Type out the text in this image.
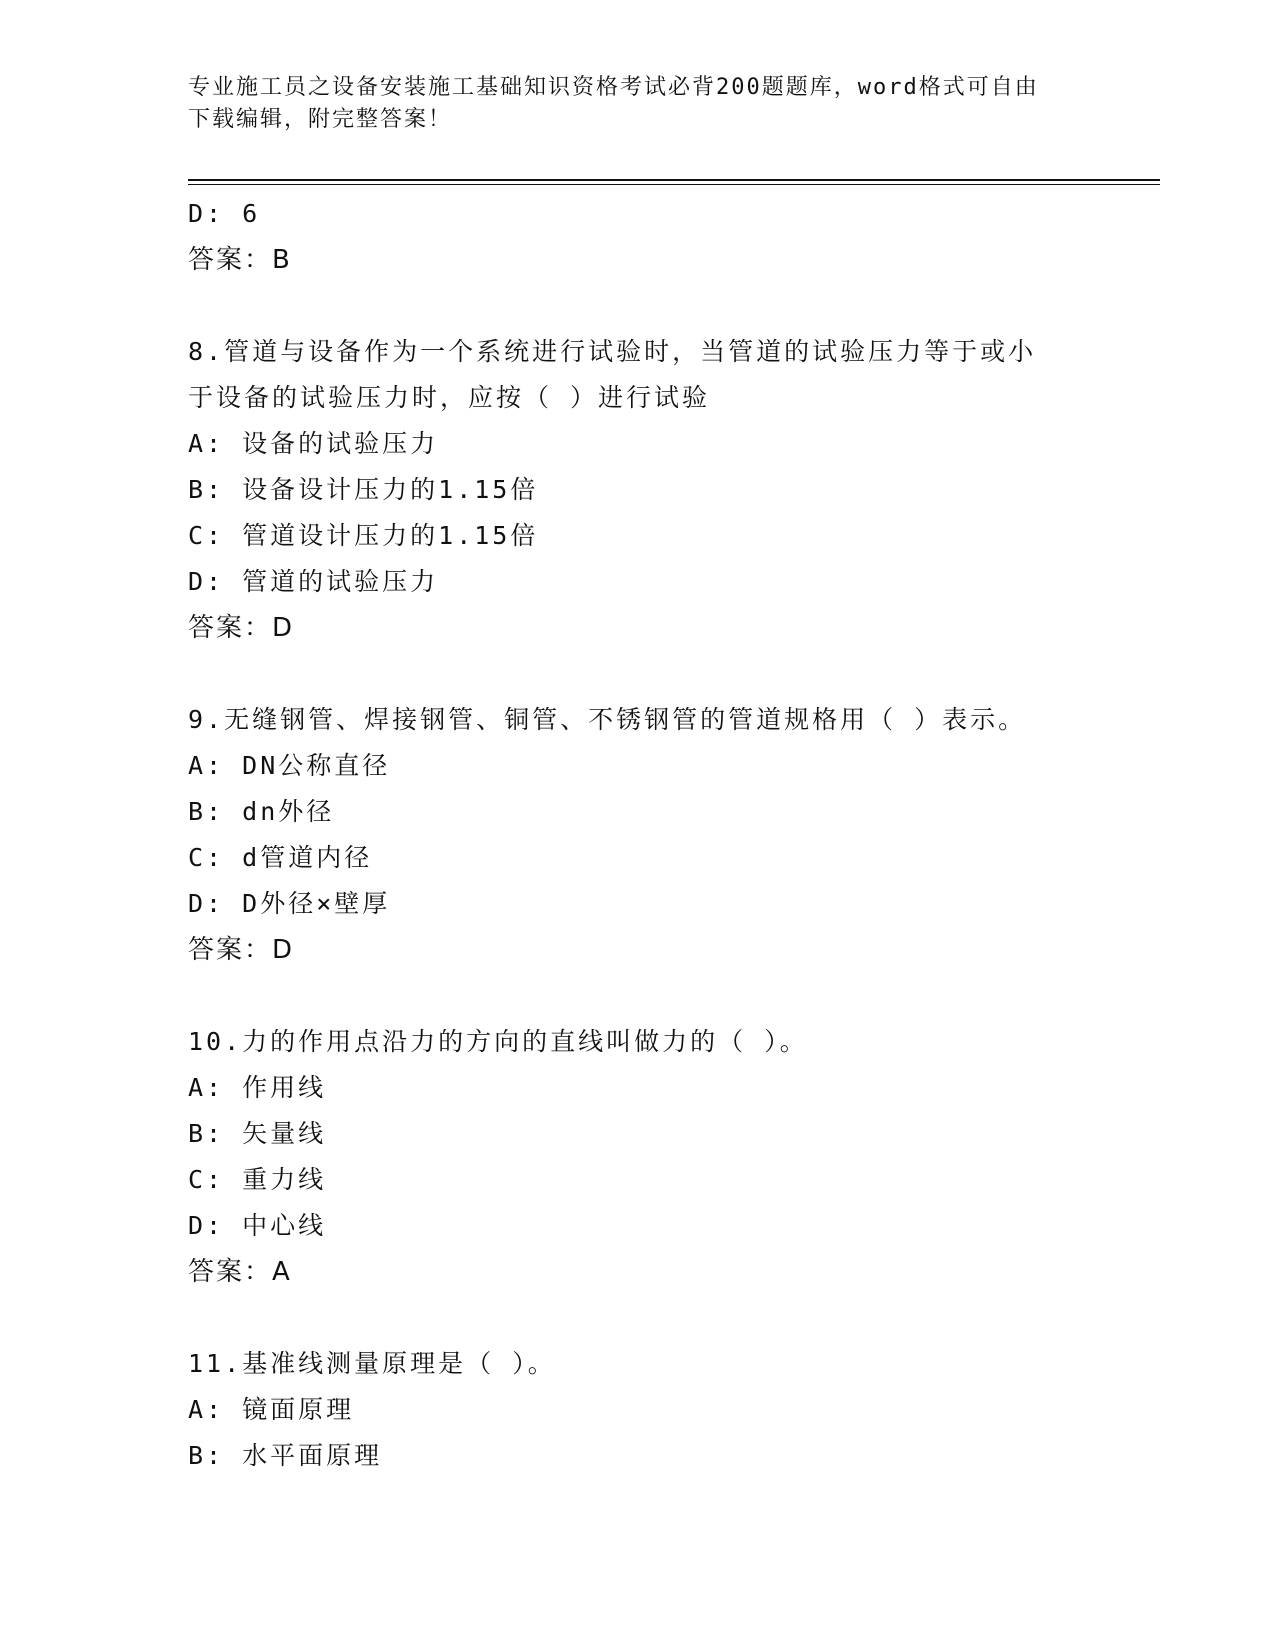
专业施工员之设备安装施工基础知识资格考试必背200题题库，word格式可自由
下载编辑，附完整答案！
D: 6
答案：B
8.管道与设备作为一个系统进行试验时，当管道的试验压力等于或小
于设备的试验压力时，应按（ ）进行试验
A: 设备的试验压力
B: 设备设计压力的1.15倍
C: 管道设计压力的1.15倍
D: 管道的试验压力
答案：D
9.无缝钢管、焊接钢管、铜管、不锈钢管的管道规格用（ ）表示。
A: DN公称直径
B: dn外径
C: d管道内径
D: D外径×壁厚
答案：D
10.力的作用点沿力的方向的直线叫做力的（ ）。
A: 作用线
B: 矢量线
C: 重力线
D: 中心线
答案：A
11.基准线测量原理是（ ）。
A: 镜面原理
B: 水平面原理
